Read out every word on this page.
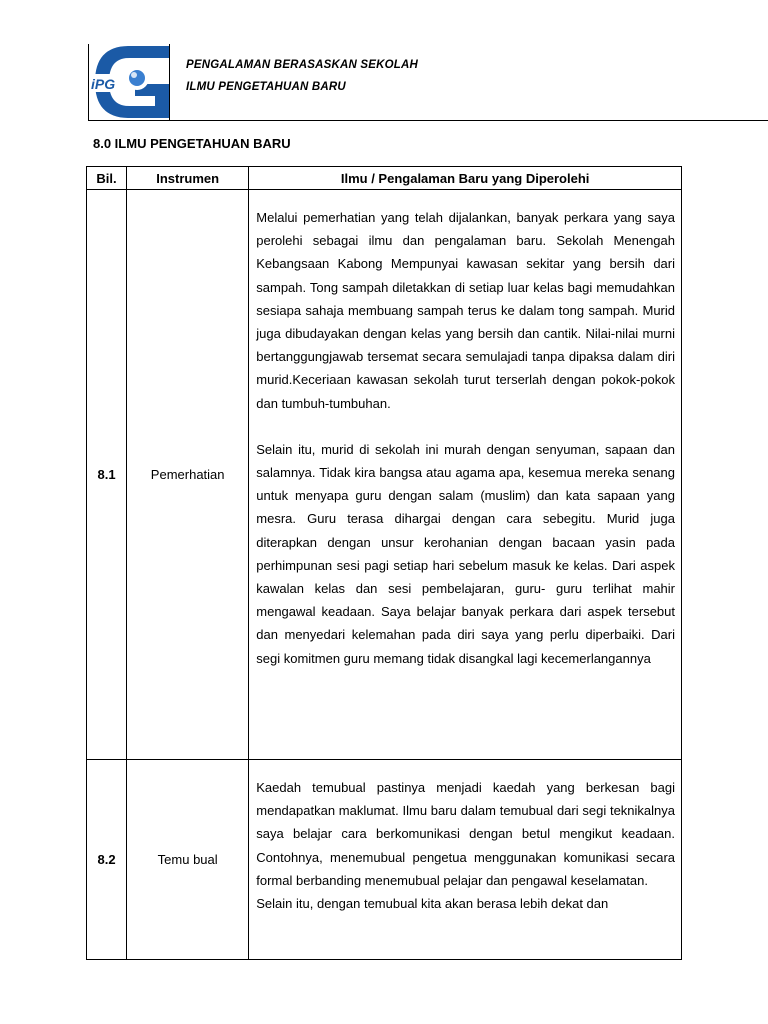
iPG
PENGALAMAN BERASASKAN SEKOLAH
ILMU PENGETAHUAN BARU
8.0 ILMU PENGETAHUAN BARU
Bil.	Instrumen	Ilmu / Pengalaman Baru yang Diperolehi
8.1	Pemerhatian	Melalui pemerhatian yang telah dijalankan, banyak perkara yang saya perolehi sebagai ilmu dan pengalaman baru. Sekolah Menengah Kebangsaan Kabong Mempunyai kawasan sekitar yang bersih dari sampah. Tong sampah diletakkan di setiap luar kelas bagi memudahkan sesiapa sahaja membuang sampah terus ke dalam tong sampah. Murid juga dibudayakan dengan kelas yang bersih dan cantik. Nilai-nilai murni bertanggungjawab tersemat secara semulajadi tanpa dipaksa dalam diri murid.Keceriaan kawasan sekolah turut terserlah dengan pokok-pokok dan tumbuh-tumbuhan.

Selain itu, murid di sekolah ini murah dengan senyuman, sapaan dan salamnya. Tidak kira bangsa atau agama apa, kesemua mereka senang untuk menyapa guru dengan salam (muslim) dan kata sapaan yang mesra. Guru terasa dihargai dengan cara sebegitu. Murid juga diterapkan dengan unsur kerohanian dengan bacaan yasin pada perhimpunan sesi pagi setiap hari sebelum masuk ke kelas. Dari aspek kawalan kelas dan sesi pembelajaran, guru- guru terlihat mahir mengawal keadaan. Saya belajar banyak perkara dari aspek tersebut dan menyedari kelemahan pada diri saya yang perlu diperbaiki. Dari segi komitmen guru memang tidak disangkal lagi kecemerlangannya

8.2	Temu bual	Kaedah temubual pastinya menjadi kaedah yang berkesan bagi mendapatkan maklumat. Ilmu baru dalam temubual dari segi teknikalnya saya belajar cara berkomunikasi dengan betul mengikut keadaan. Contohnya, menemubual pengetua menggunakan komunikasi secara formal berbanding menemubual pelajar dan pengawal keselamatan.

Selain itu, dengan temubual kita akan berasa lebih dekat dan
